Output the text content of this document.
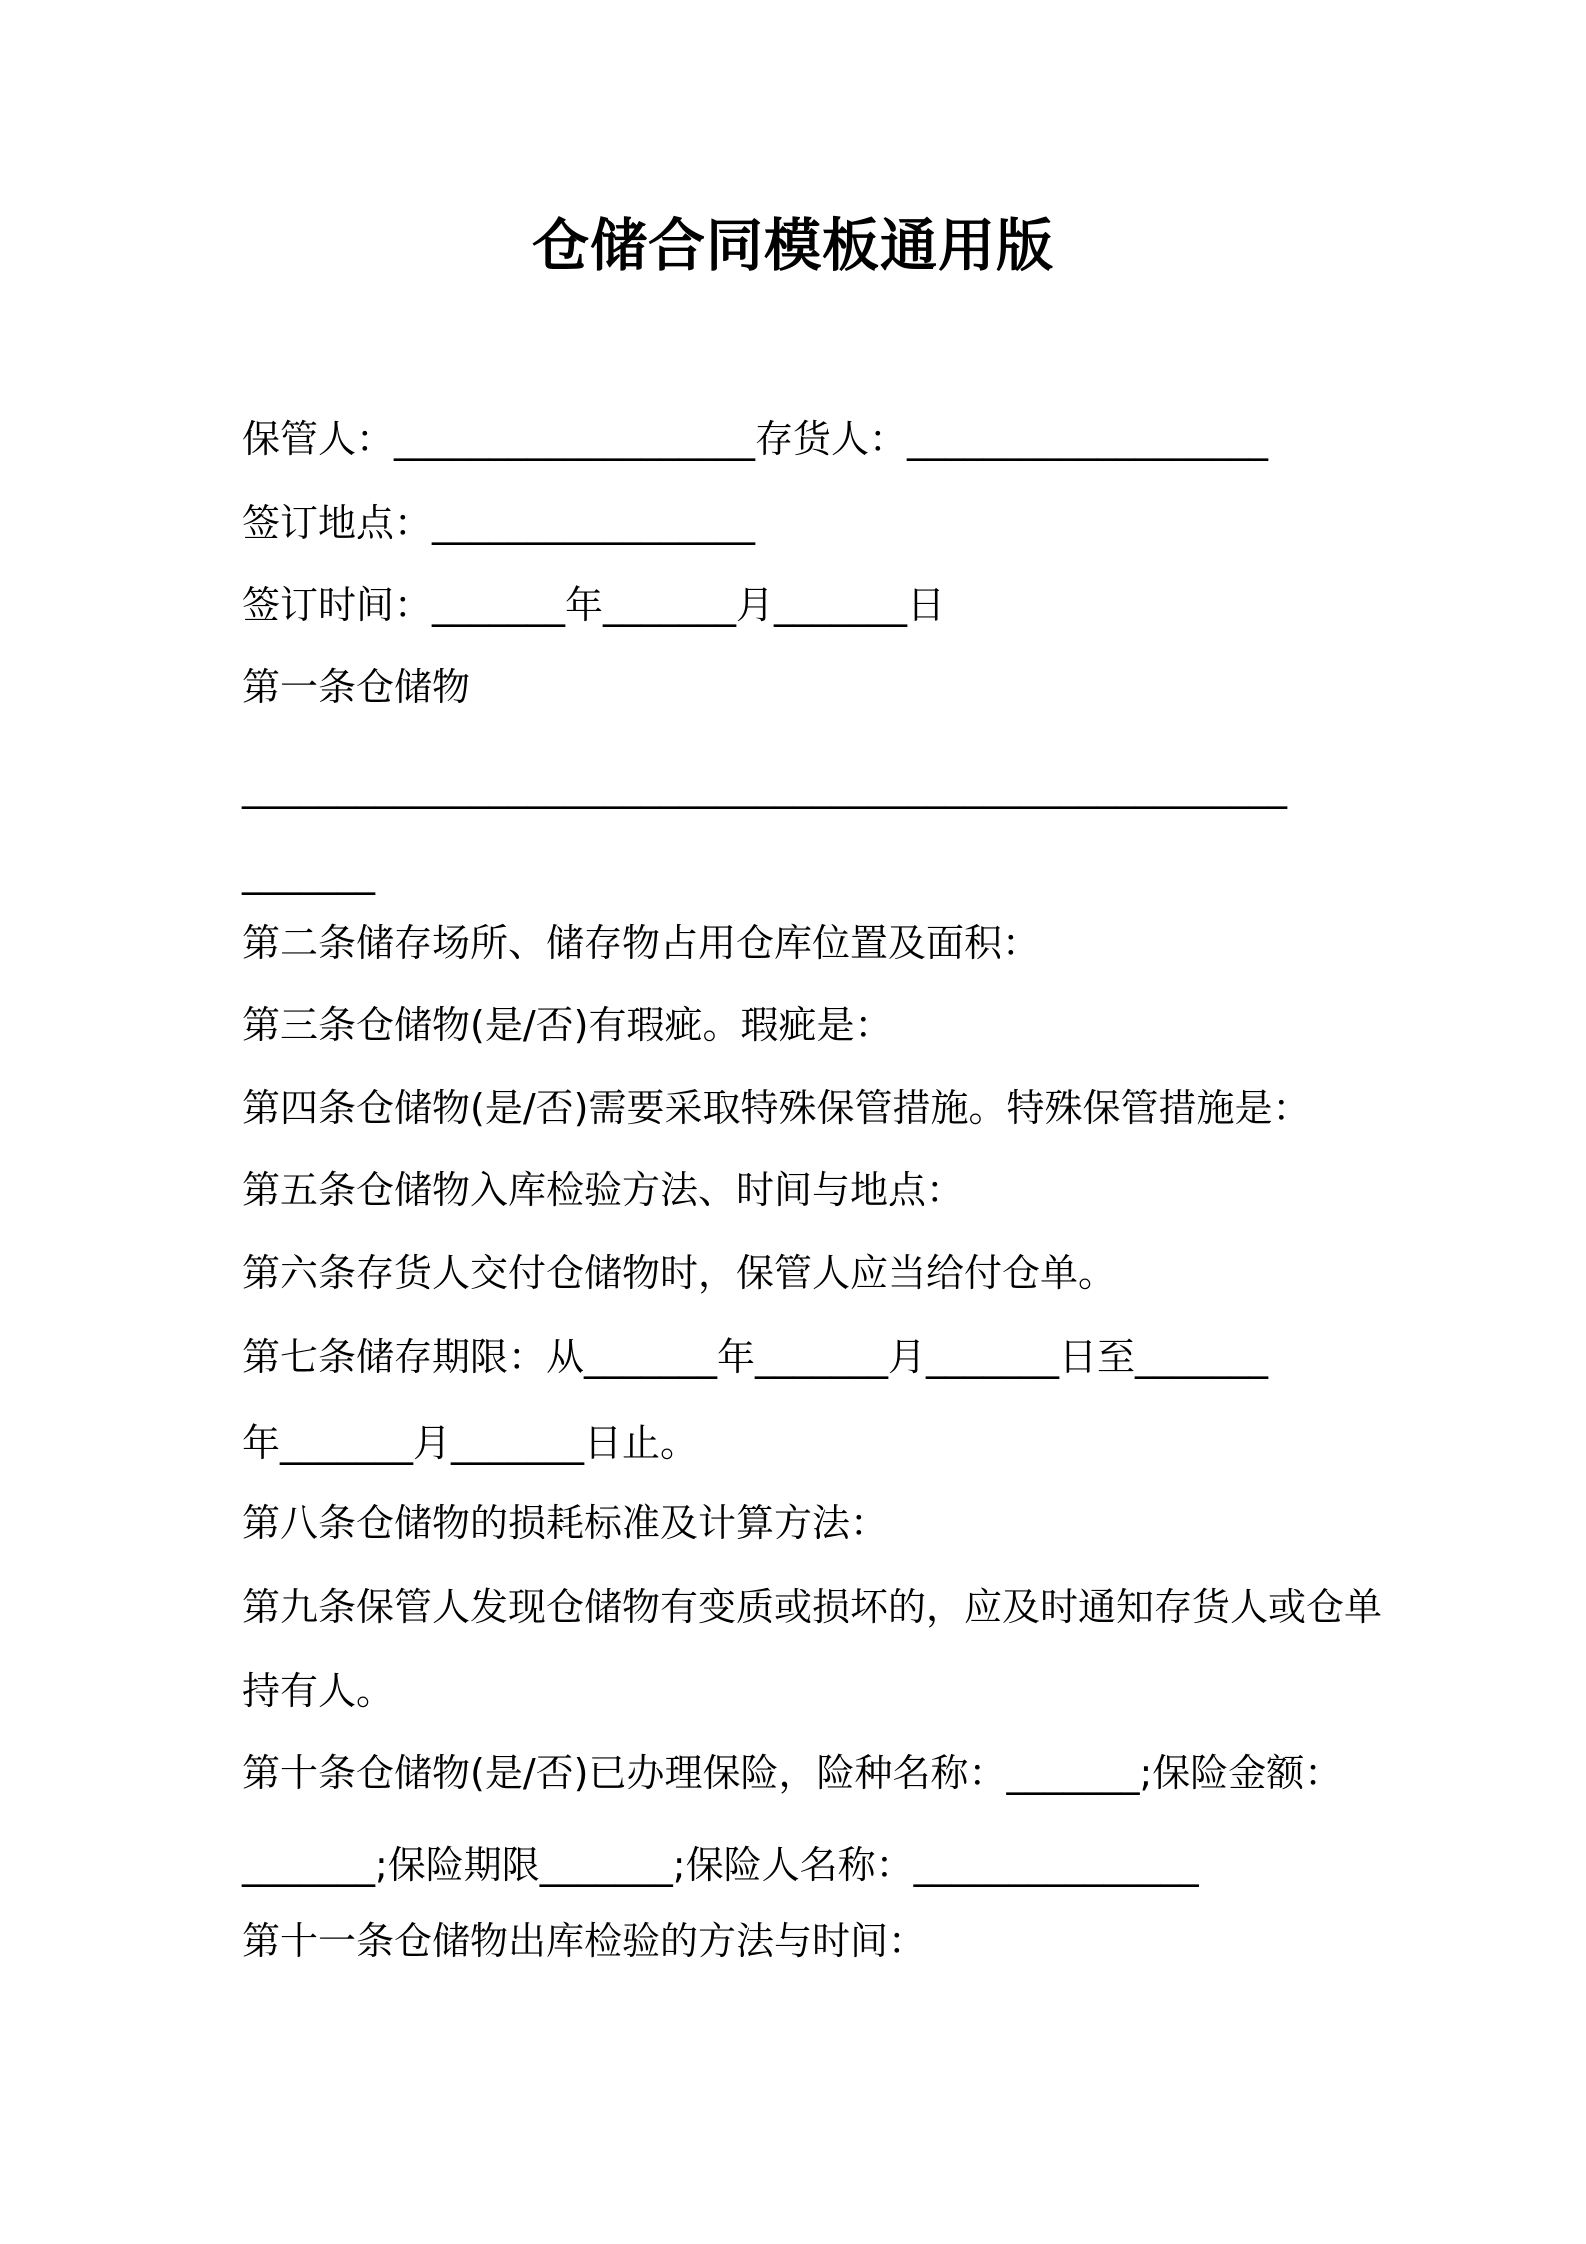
仓储合同模板通用版
保管人：___________________存货人：___________________
签订地点：_________________
签订时间：_______年_______月_______日
第一条仓储物
_______________________________________________________
_______
第二条储存场所、储存物占用仓库位置及面积：
第三条仓储物(是/否)有瑕疵。瑕疵是：
第四条仓储物(是/否)需要采取特殊保管措施。特殊保管措施是：
第五条仓储物入库检验方法、时间与地点：
第六条存货人交付仓储物时，保管人应当给付仓单。
第七条储存期限：从_______年_______月_______日至_______
年_______月_______日止。
第八条仓储物的损耗标准及计算方法：
第九条保管人发现仓储物有变质或损坏的，应及时通知存货人或仓单
持有人。
第十条仓储物(是/否)已办理保险，险种名称：_______;保险金额：
_______;保险期限_______;保险人名称：_______________
第十一条仓储物出库检验的方法与时间：
